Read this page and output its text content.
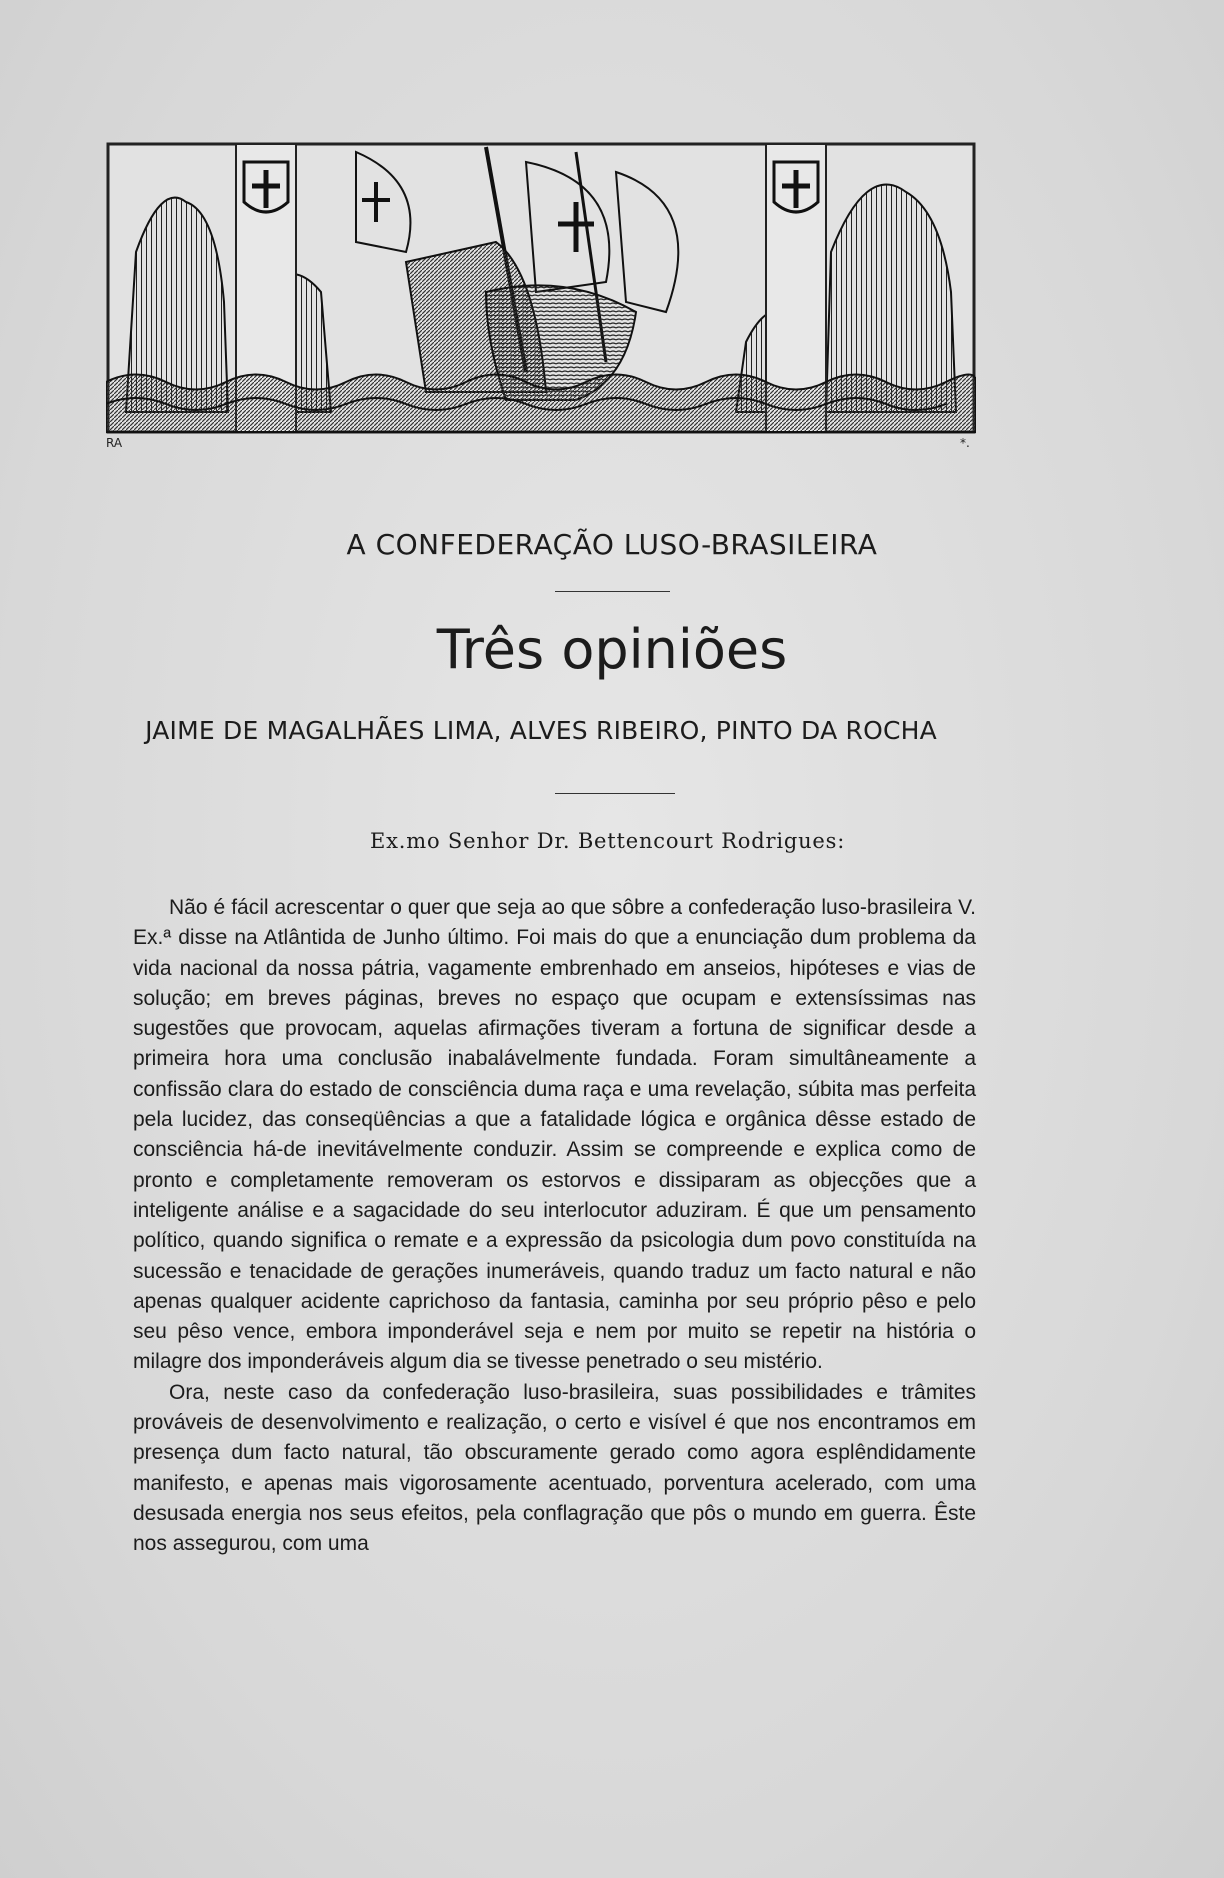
RA	*.
A CONFEDERAÇÃO LUSO-BRASILEIRA
Três opiniões
JAIME DE MAGALHÃES LIMA, ALVES RIBEIRO, PINTO DA ROCHA
Ex.mo Senhor Dr. Bettencourt Rodrigues:

Não é fácil acrescentar o quer que seja ao que sôbre a confederação luso-brasileira V. Ex.ª disse na Atlântida de Junho último. Foi mais do que a enunciação dum problema da vida nacional da nossa pátria, vagamente embrenhado em anseios, hipóteses e vias de solução; em breves páginas, breves no espaço que ocupam e extensíssimas nas sugestões que provocam, aquelas afirmações tiveram a fortuna de significar desde a primeira hora uma conclusão inabalávelmente fundada. Foram simultâneamente a confissão clara do estado de consciência duma raça e uma revelação, súbita mas perfeita pela lucidez, das conseqüências a que a fatalidade lógica e orgânica dêsse estado de consciência há-de inevitávelmente conduzir. Assim se compreende e explica como de pronto e completamente removeram os estorvos e dissiparam as objecções que a inteligente análise e a sagacidade do seu interlocutor aduziram. É que um pensamento político, quando significa o remate e a expressão da psicologia dum povo constituída na sucessão e tenacidade de gerações inumeráveis, quando traduz um facto natural e não apenas qualquer acidente caprichoso da fantasia, caminha por seu próprio pêso e pelo seu pêso vence, embora imponderável seja e nem por muito se repetir na história o milagre dos imponderáveis algum dia se tivesse penetrado o seu mistério.

Ora, neste caso da confederação luso-brasileira, suas possibilidades e trâmites prováveis de desenvolvimento e realização, o certo e visível é que nos encontramos em presença dum facto natural, tão obscuramente gerado como agora esplêndidamente manifesto, e apenas mais vigorosamente acentuado, porventura acelerado, com uma desusada energia nos seus efeitos, pela conflagração que pôs o mundo em guerra. Êste nos assegurou, com uma
